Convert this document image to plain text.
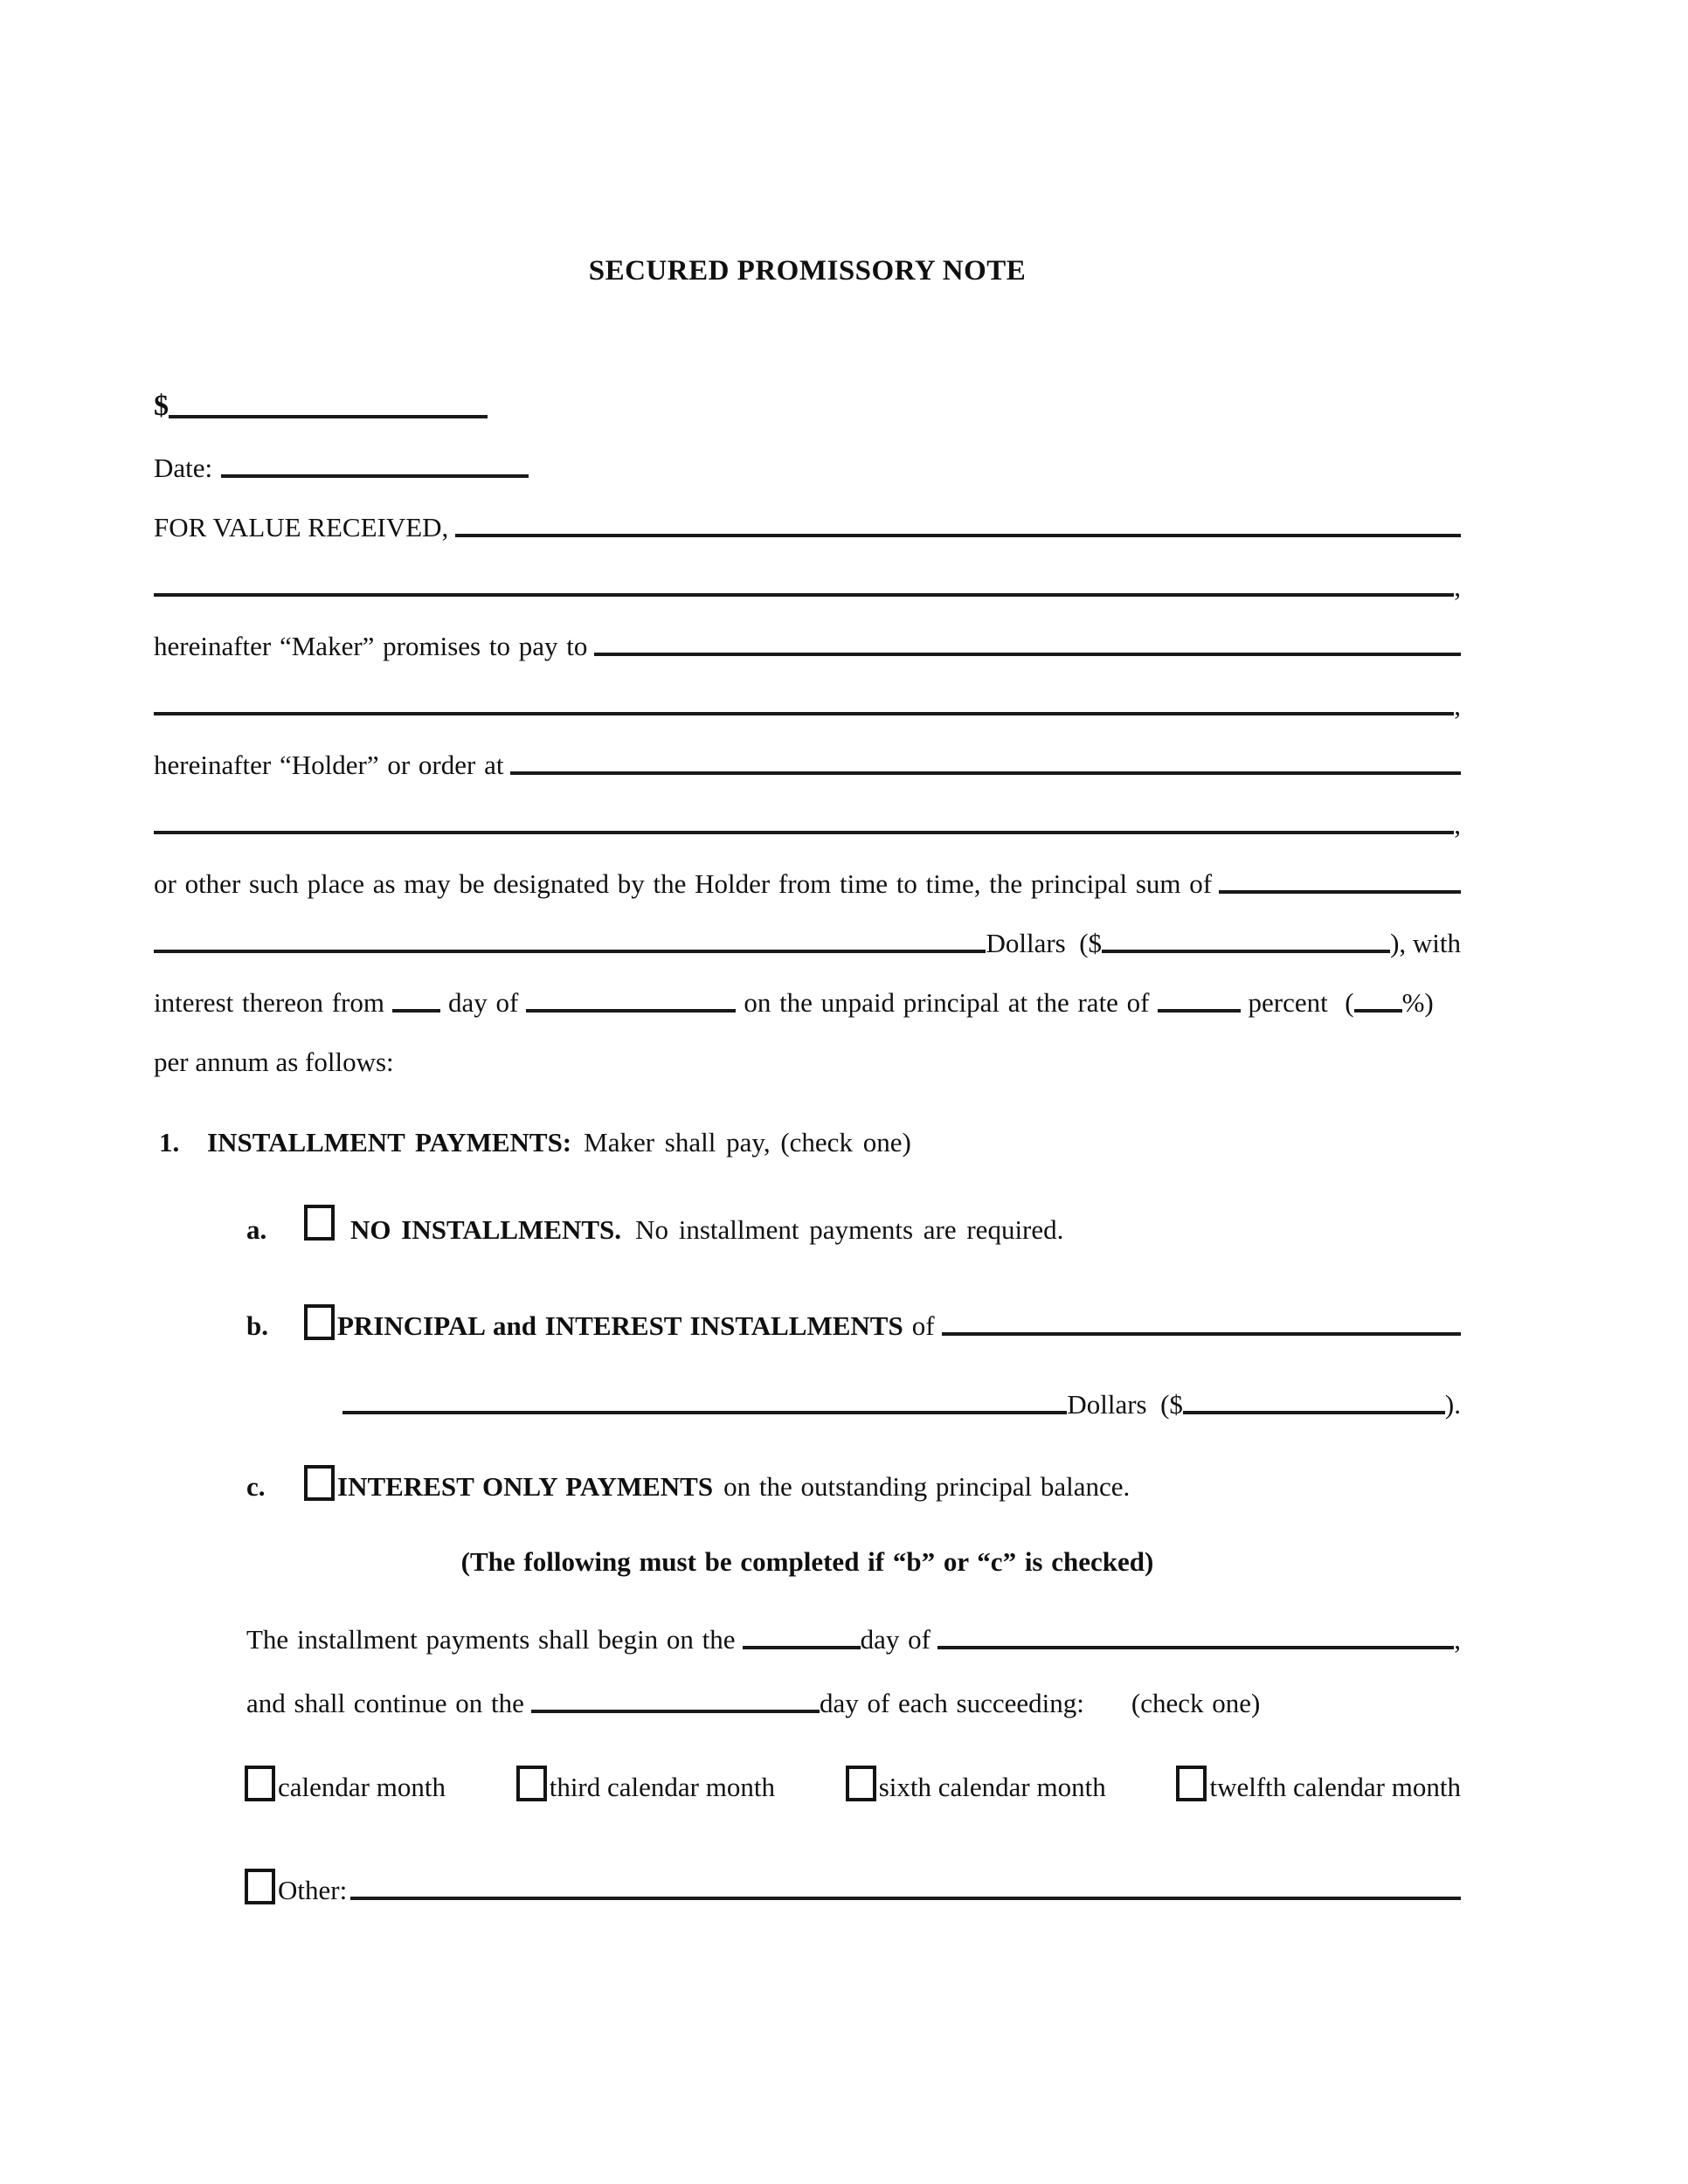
SECURED PROMISSORY NOTE
$
Date:
FOR VALUE RECEIVED,
,
hereinafter “Maker” promises to pay to
,
hereinafter “Holder” or order at
,
or other such place as may be designated by the Holder from time to time, the principal sum of
Dollars  ($	), with
interest thereon from day of	on the unpaid principal at the rate of	percent  ( %)
per annum as follows:
1.	INSTALLMENT PAYMENTS: Maker shall pay, (check one)
a.	NO INSTALLMENTS. No installment payments are required.
b.	PRINCIPAL and INTEREST INSTALLMENTS of
Dollars  ($	).
c.	INTEREST ONLY PAYMENTS on the outstanding principal balance.
(The following must be completed if “b” or “c” is checked)
The installment payments shall begin on the	day of	,
and shall continue on the	day of each succeeding: (check one)
calendar month	third calendar month	sixth calendar month	twelfth calendar month
Other:
